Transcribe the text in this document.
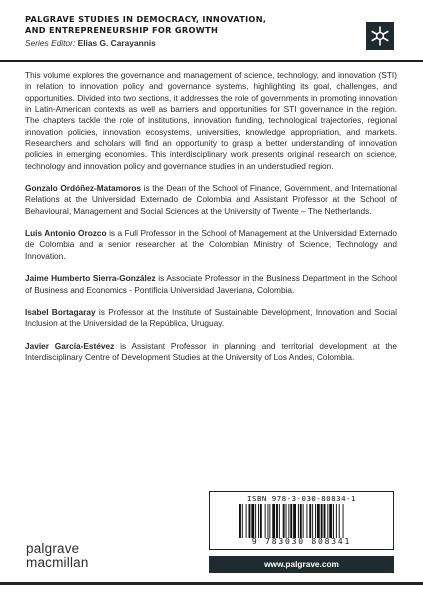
PALGRAVE STUDIES IN DEMOCRACY, INNOVATION,
AND ENTREPRENEURSHIP FOR GROWTH
Series Editor: Elias G. Carayannis

This volume explores the governance and management of science, technology, and innovation (STI) in relation to innovation policy and governance systems, highlighting its goal, challenges, and opportunities. Divided into two sections, it addresses the role of governments in promoting innovation in Latin-American contexts as well as barriers and opportunities for STI governance in the region. The chapters tackle the role of institutions, innovation funding, technological trajectories, regional innovation policies, innovation ecosystems, universities, knowledge appropriation, and markets. Researchers and scholars will find an opportunity to grasp a better understanding of innovation policies in emerging economies. This interdisciplinary work presents original research on science, technology and innovation policy and governance studies in an understudied region.

Gonzalo Ordóñez-Matamoros is the Dean of the School of Finance, Government, and International Relations at the Universidad Externado de Colombia and Assistant Professor at the School of Behavioural, Management and Social Sciences at the University of Twente – The Netherlands.

Luis Antonio Orozco is a Full Professor in the School of Management at the Universidad Externado de Colombia and a senior researcher at the Colombian Ministry of Science, Technology and Innovation.

Jaime Humberto Sierra-González is Associate Professor in the Business Department in the School of Business and Economics - Pontificia Universidad Javeriana, Colombia.

Isabel Bortagaray is Professor at the Institute of Sustainable Development, Innovation and Social Inclusion at the Universidad de la República, Uruguay.

Javier García-Estévez is Assistant Professor in planning and territorial development at the Interdisciplinary Centre of Development Studies at the University of Los Andes, Colombia.

ISBN 978-3-030-80834-1
9 783030 808341
www.palgrave.com
palgrave
macmillan
